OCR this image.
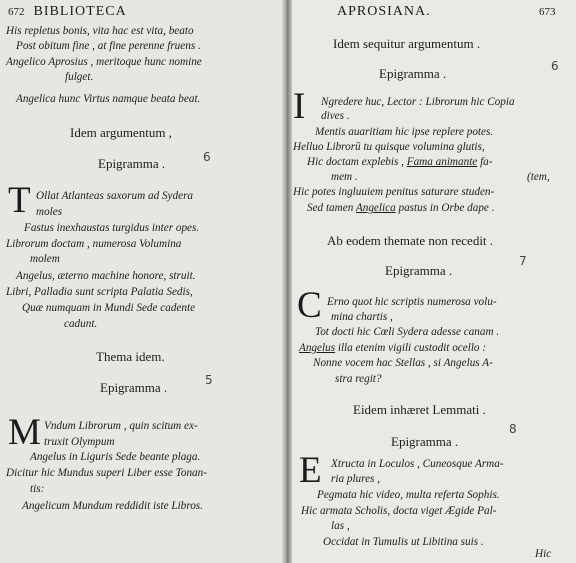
672 BIBLIOTECA
His repletus bonis, vita hac est vita, beato
Post obitum fine , at fine perenne fruens .
Angelico Aprosius , meritoque hunc nomine
fulget.
Angelica hunc Virtus namque beata beat.
Idem argumentum ,
Epigramma .	6
T Ollat Atlanteas saxorum ad Sydera
moles
Fastus inexhaustas turgidus inter opes.
Librorum doctam , numerosa Volumina
molem
Angelus, æterno machine honore, struit.
Libri, Palladia sunt scripta Palatia Sedis,
Quæ numquam in Mundi Sede cadente
cadunt.
Thema idem.
Epigramma .	5
M Vndum Librorum , quin scitum ex-
truxit Olympum
Angelus in Liguris Sede beante plaga.
Dicitur hic Mundus superi Liber esse Tonan-
tis:
Angelicum Mundum reddidit iste Libros.
APROSIANA.	673
Idem sequitur argumentum .
Epigramma .	6
I Ngredere huc, Lector : Librorum hic Copia
dives .
Mentis auaritiam hic ipse replere potes.
Helluo Librorū tu quisque volumina glutis,
Hic doctam explebis , Fama animante fa-
mem .	(tem,
Hic potes ingluuiem penitus saturare studen-
Sed tamen Angelica pastus in Orbe dape .
Ab eodem themate non recedit .
Epigramma .
7
C Erno quot hic scriptis numerosa volu-
mina chartis ,
Tot docti hic Cœli Sydera adesse canam .
Angelus illa etenim vigili custodit ocello :
Nonne vocem hac Stellas , si Angelus A-
stra regit?
Eidem inhæret Lemmati .
Epigramma .
8
E Xtructa in Loculos , Cuneosque Arma-
ria plures ,
Pegmata hic video, multa referta Sophis.
Hic armata Scholis, docta viget Ægide Pal-
las ,
Occidat in Tumulis ut Libitina suis .
Hic
